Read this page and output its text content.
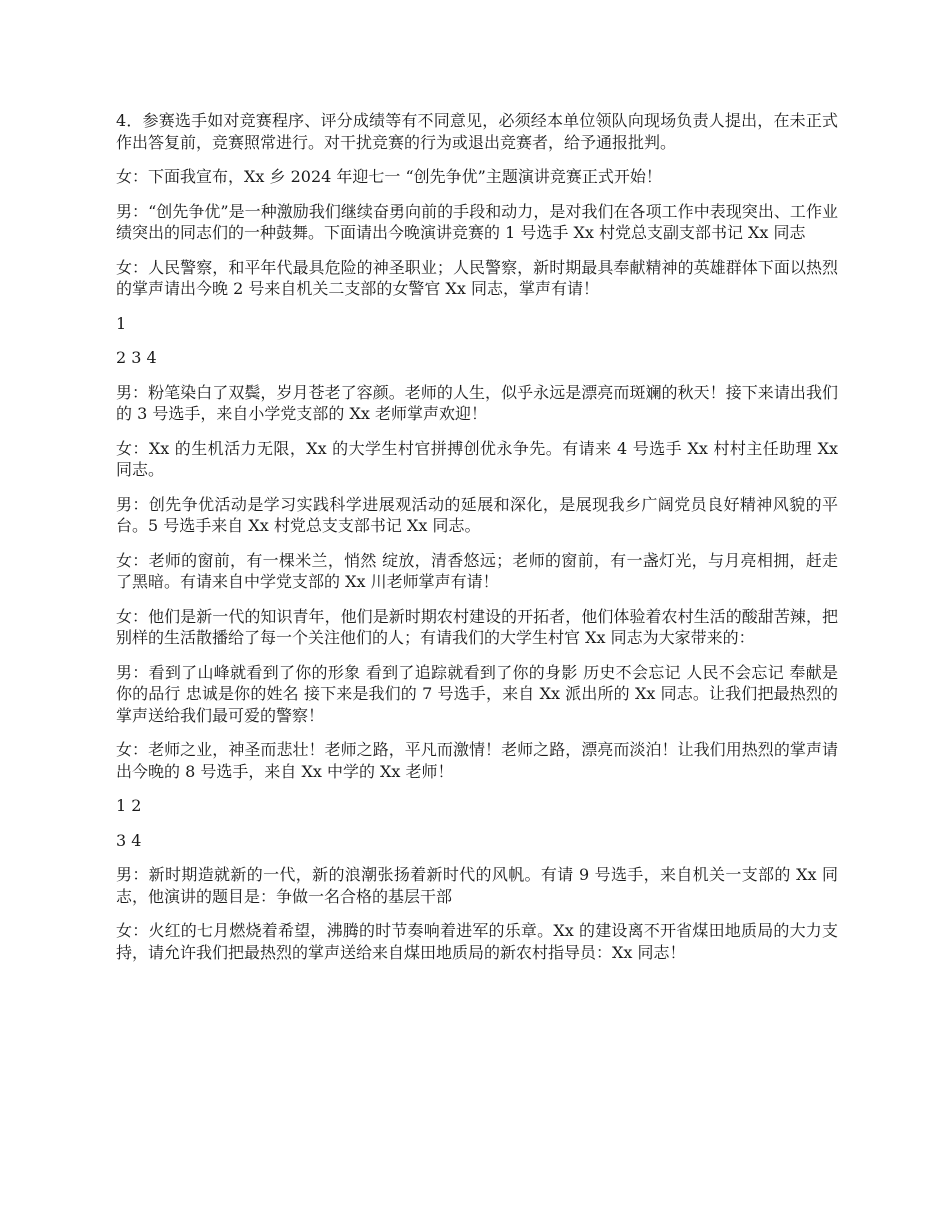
4．参赛选手如对竞赛程序、评分成绩等有不同意见，必须经本单位领队向现场负责人提出，在未正式作出答复前，竞赛照常进行。对干扰竞赛的行为或退出竞赛者，给予通报批判。

女：下面我宣布，Xx 乡 2024 年迎七一 “创先争优”主题演讲竞赛正式开始！

男：“创先争优”是一种激励我们继续奋勇向前的手段和动力，是对我们在各项工作中表现突出、工作业绩突出的同志们的一种鼓舞。下面请出今晚演讲竞赛的 1 号选手 Xx 村党总支副支部书记 Xx 同志

女：人民警察，和平年代最具危险的神圣职业；人民警察，新时期最具奉献精神的英雄群体下面以热烈的掌声请出今晚 2 号来自机关二支部的女警官 Xx 同志，掌声有请！

1

2 3 4

男：粉笔染白了双鬓，岁月苍老了容颜。老师的人生，似乎永远是漂亮而斑斓的秋天！接下来请出我们的 3 号选手，来自小学党支部的 Xx 老师掌声欢迎！

女：Xx 的生机活力无限，Xx 的大学生村官拼搏创优永争先。有请来 4 号选手 Xx 村村主任助理 Xx 同志。

男：创先争优活动是学习实践科学进展观活动的延展和深化，是展现我乡广阔党员良好精神风貌的平台。5 号选手来自 Xx 村党总支支部书记 Xx 同志。

女：老师的窗前，有一棵米兰，悄然 绽放，清香悠远；老师的窗前，有一盏灯光，与月亮相拥，赶走了黑暗。有请来自中学党支部的 Xx 川老师掌声有请！

女：他们是新一代的知识青年，他们是新时期农村建设的开拓者，他们体验着农村生活的酸甜苦辣，把别样的生活散播给了每一个关注他们的人；有请我们的大学生村官 Xx 同志为大家带来的：

男：看到了山峰就看到了你的形象 看到了追踪就看到了你的身影 历史不会忘记 人民不会忘记 奉献是你的品行 忠诚是你的姓名 接下来是我们的 7 号选手，来自 Xx 派出所的 Xx 同志。让我们把最热烈的掌声送给我们最可爱的警察！

女：老师之业，神圣而悲壮！老师之路，平凡而激情！老师之路，漂亮而淡泊！让我们用热烈的掌声请出今晚的 8 号选手，来自 Xx 中学的 Xx 老师！

1 2

3 4

男：新时期造就新的一代，新的浪潮张扬着新时代的风帆。有请 9 号选手，来自机关一支部的 Xx 同志，他演讲的题目是：争做一名合格的基层干部

女：火红的七月燃烧着希望，沸腾的时节奏响着进军的乐章。Xx 的建设离不开省煤田地质局的大力支持，请允许我们把最热烈的掌声送给来自煤田地质局的新农村指导员：Xx 同志！
